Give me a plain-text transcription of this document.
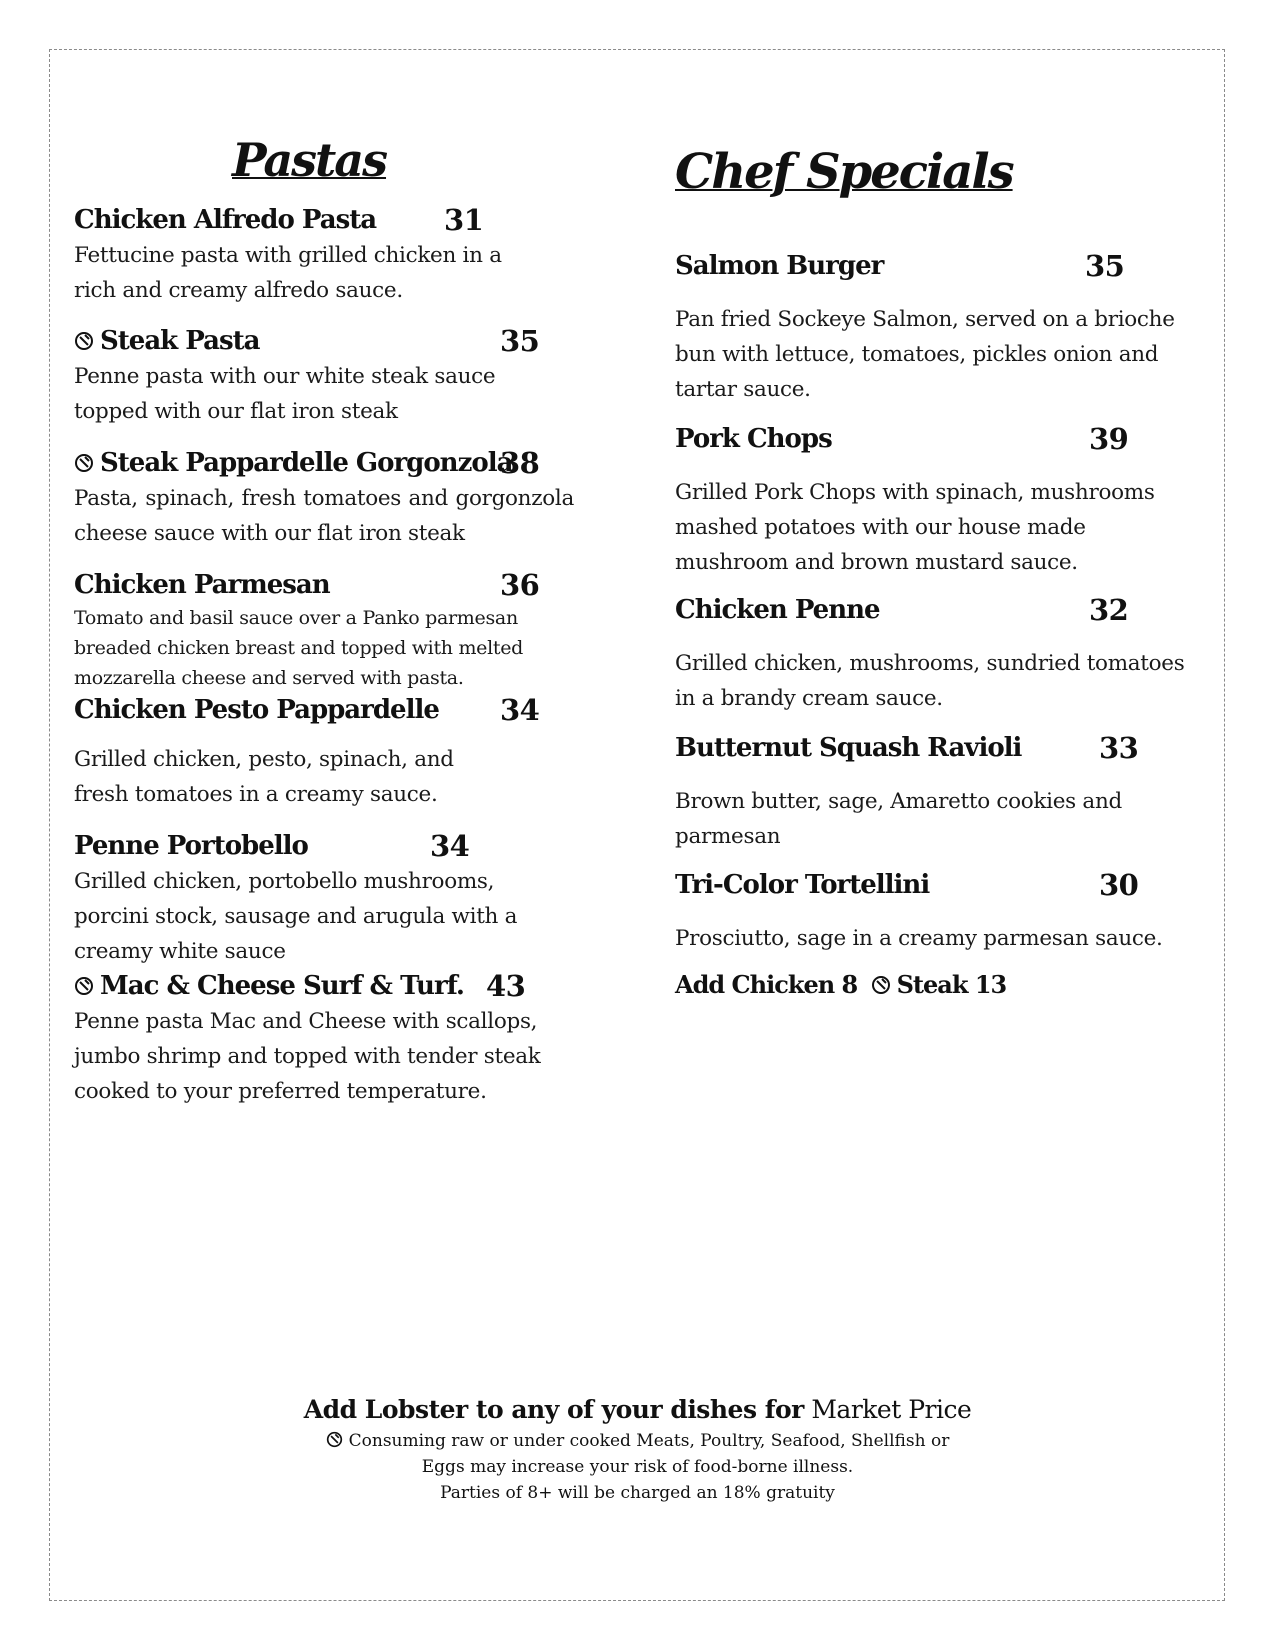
Pastas
Chicken Alfredo Pasta 31

Fettucine pasta with grilled chicken in a rich and creamy alfredo sauce.

Steak Pasta	35

Penne pasta with our white steak sauce topped with our flat iron steak

Steak Pappardelle Gorgonzola
38

Pasta, spinach, fresh tomatoes and gorgonzola cheese sauce with our flat iron steak

Chicken Parmesan	36

Tomato and basil sauce over a Panko parmesan breaded chicken breast and topped with melted mozzarella cheese and served with pasta.

Chicken Pesto Pappardelle 34

Grilled chicken, pesto, spinach, and fresh tomatoes in a creamy sauce.

Penne Portobello	34

Grilled chicken, portobello mushrooms, porcini stock, sausage and arugula with a creamy white sauce

Mac & Cheese Surf & Turf. 43

Penne pasta Mac and Cheese with scallops, jumbo shrimp and topped with tender steak cooked to your preferred temperature.

Chef Specials
Salmon Burger	35

Pan fried Sockeye Salmon, served on a brioche bun with lettuce, tomatoes, pickles onion and tartar sauce.

Pork Chops	39

Grilled Pork Chops with spinach, mushrooms mashed potatoes with our house made mushroom and brown mustard sauce.

Chicken Penne	32

Grilled chicken, mushrooms, sundried tomatoes in a brandy cream sauce.

Butternut Squash Ravioli	33

Brown butter, sage, Amaretto cookies and parmesan

Tri-Color Tortellini	30

Prosciutto, sage in a creamy parmesan sauce.

Add Chicken 8 Steak 13

Add Lobster to any of your dishes for Market Price

Consuming raw or under cooked Meats, Poultry, Seafood, Shellfish or

Eggs may increase your risk of food-borne illness.

Parties of 8+ will be charged an 18% gratuity
